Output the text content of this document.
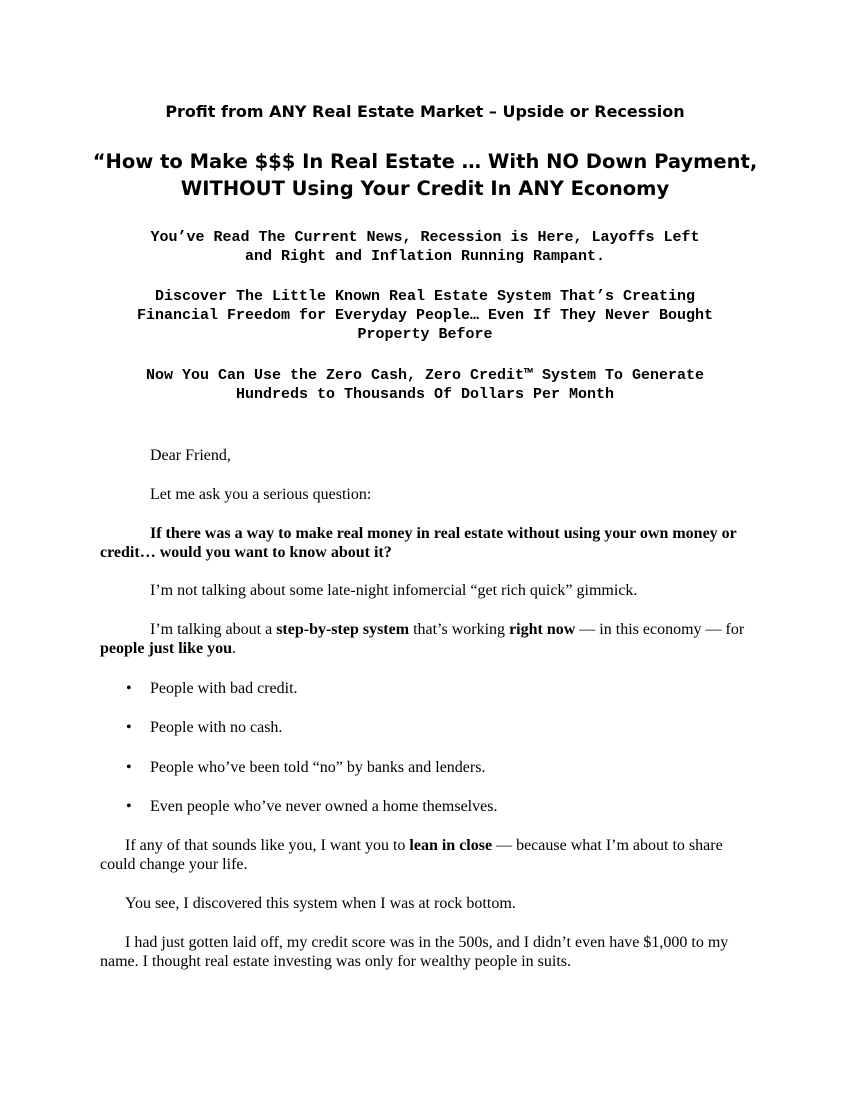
Profit from ANY Real Estate Market – Upside or Recession

“How to Make $$$ In Real Estate … With NO Down Payment,
WITHOUT Using Your Credit In ANY Economy

You’ve Read The Current News, Recession is Here, Layoffs Left
and Right and Inflation Running Rampant.

Discover The Little Known Real Estate System That’s Creating
Financial Freedom for Everyday People… Even If They Never Bought
Property Before

Now You Can Use the Zero Cash, Zero Credit™ System To Generate
Hundreds to Thousands Of Dollars Per Month

Dear Friend,

Let me ask you a serious question:

If there was a way to make real money in real estate without using your own money or credit… would you want to know about it?

I’m not talking about some late-night infomercial “get rich quick” gimmick.

I’m talking about a step-by-step system that’s working right now — in this economy — for people just like you.

• People with bad credit.
• People with no cash.
• People who’ve been told “no” by banks and lenders.
• Even people who’ve never owned a home themselves.

If any of that sounds like you, I want you to lean in close — because what I’m about to share could change your life.

You see, I discovered this system when I was at rock bottom.

I had just gotten laid off, my credit score was in the 500s, and I didn’t even have $1,000 to my name. I thought real estate investing was only for wealthy people in suits.
